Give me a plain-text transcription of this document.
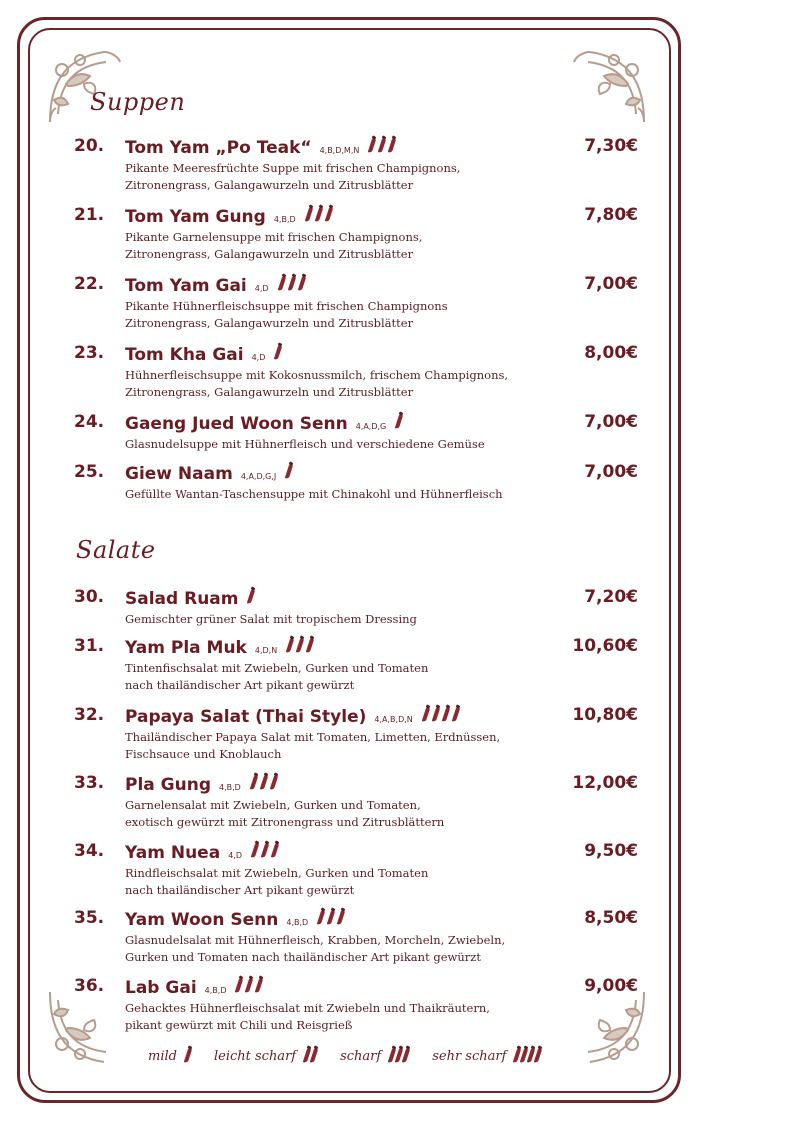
Suppen
Salate
20. Tom Yam „Po Teak“ 4,B,D,M,N	7,30€
Pikante Meeresfrüchte Suppe mit frischen Champignons,
Zitronengrass, Galangawurzeln und Zitrusblätter
21. Tom Yam Gung 4,B,D	7,80€
Pikante Garnelensuppe mit frischen Champignons,
Zitronengrass, Galangawurzeln und Zitrusblätter
22. Tom Yam Gai 4,D	7,00€
Pikante Hühnerfleischsuppe mit frischen Champignons
Zitronengrass, Galangawurzeln und Zitrusblätter
23. Tom Kha Gai 4,D	8,00€
Hühnerfleischsuppe mit Kokosnussmilch, frischem Champignons,
Zitronengrass, Galangawurzeln und Zitrusblätter
24. Gaeng Jued Woon Senn 4,A,D,G	7,00€
Glasnudelsuppe mit Hühnerfleisch und verschiedene Gemüse
25. Giew Naam 4,A,D,G,J	7,00€
Gefüllte Wantan-Taschensuppe mit Chinakohl und Hühnerfleisch
30. Salad Ruam	7,20€
Gemischter grüner Salat mit tropischem Dressing
31. Yam Pla Muk 4,D,N	10,60€
Tintenfischsalat mit Zwiebeln, Gurken und Tomaten
nach thailändischer Art pikant gewürzt
32. Papaya Salat (Thai Style) 4,A,B,D,N	10,80€
Thailändischer Papaya Salat mit Tomaten, Limetten, Erdnüssen,
Fischsauce und Knoblauch
33. Pla Gung 4,B,D	12,00€
Garnelensalat mit Zwiebeln, Gurken und Tomaten,
exotisch gewürzt mit Zitronengrass und Zitrusblättern
34. Yam Nuea 4,D	9,50€
Rindfleischsalat mit Zwiebeln, Gurken und Tomaten
nach thailändischer Art pikant gewürzt
35. Yam Woon Senn 4,B,D	8,50€
Glasnudelsalat mit Hühnerfleisch, Krabben, Morcheln, Zwiebeln,
Gurken und Tomaten nach thailändischer Art pikant gewürzt
36. Lab Gai 4,B,D	9,00€
Gehacktes Hühnerfleischsalat mit Zwiebeln und Thaikräutern,
pikant gewürzt mit Chili und Reisgrieß
mild	leicht scharf	scharf	sehr scharf
